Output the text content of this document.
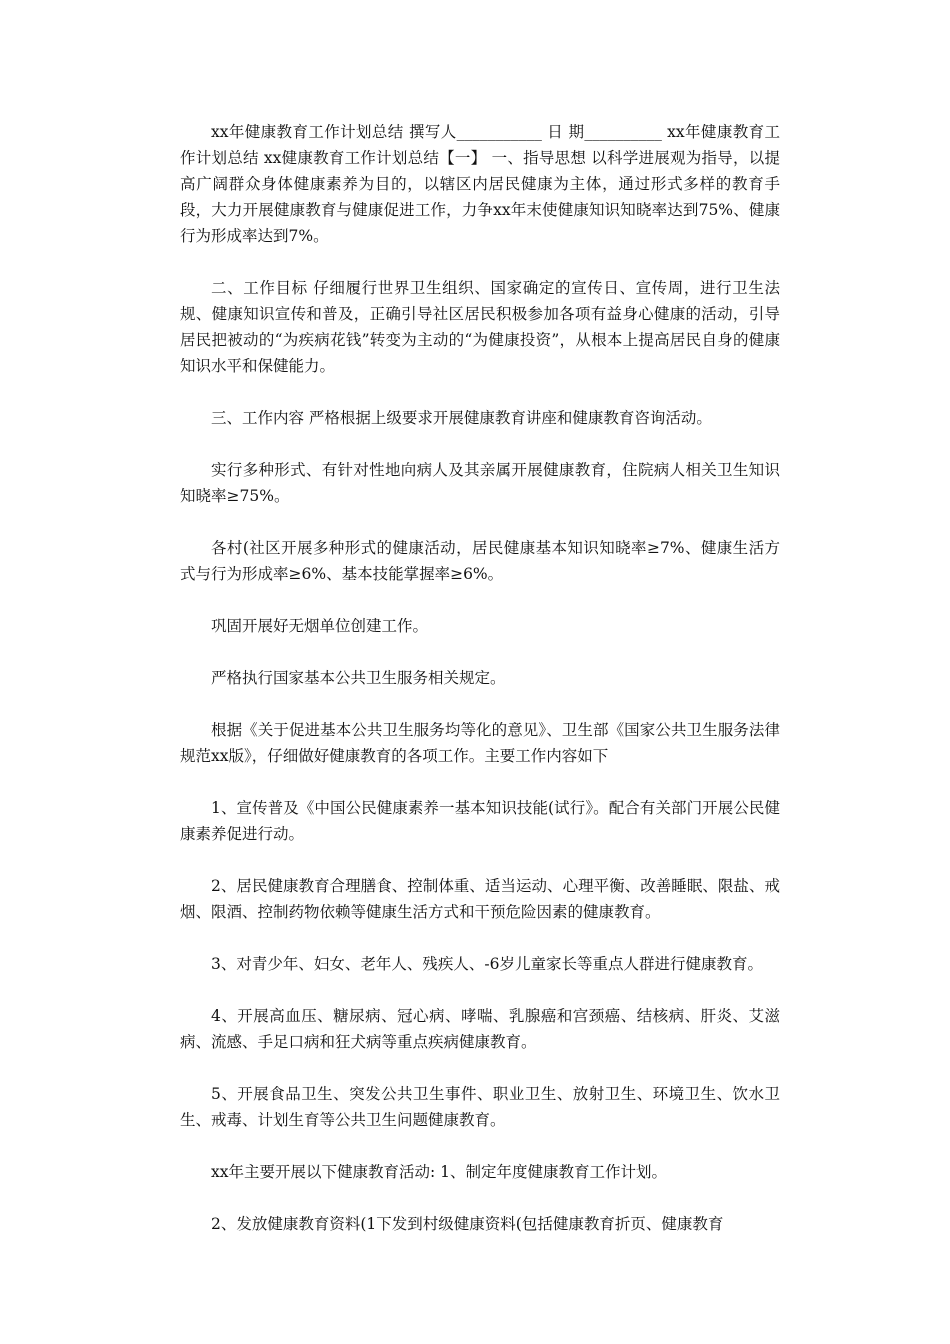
xx年健康教育工作计划总结 撰写人___________ 日 期__________ xx年健康教育工作计划总结 xx健康教育工作计划总结【一】 一、指导思想 以科学进展观为指导，以提高广阔群众身体健康素养为目的，以辖区内居民健康为主体，通过形式多样的教育手段，大力开展健康教育与健康促进工作，力争xx年末使健康知识知晓率达到75%、健康行为形成率达到7%。

二、工作目标 仔细履行世界卫生组织、国家确定的宣传日、宣传周，进行卫生法规、健康知识宣传和普及，正确引导社区居民积极参加各项有益身心健康的活动，引导居民把被动的“为疾病花钱”转变为主动的“为健康投资”，从根本上提高居民自身的健康知识水平和保健能力。

三、工作内容 严格根据上级要求开展健康教育讲座和健康教育咨询活动。

实行多种形式、有针对性地向病人及其亲属开展健康教育，住院病人相关卫生知识知晓率≥75%。

各村(社区开展多种形式的健康活动，居民健康基本知识知晓率≥7%、健康生活方式与行为形成率≥6%、基本技能掌握率≥6%。

巩固开展好无烟单位创建工作。

严格执行国家基本公共卫生服务相关规定。

根据《关于促进基本公共卫生服务均等化的意见》、卫生部《国家公共卫生服务法律规范xx版》，仔细做好健康教育的各项工作。主要工作内容如下

1、宣传普及《中国公民健康素养一基本知识技能(试行》。配合有关部门开展公民健康素养促进行动。

2、居民健康教育合理膳食、控制体重、适当运动、心理平衡、改善睡眠、限盐、戒烟、限酒、控制药物依赖等健康生活方式和干预危险因素的健康教育。

3、对青少年、妇女、老年人、残疾人、-6岁儿童家长等重点人群进行健康教育。

4、开展高血压、糖尿病、冠心病、哮喘、乳腺癌和宫颈癌、结核病、肝炎、艾滋病、流感、手足口病和狂犬病等重点疾病健康教育。

5、开展食品卫生、突发公共卫生事件、职业卫生、放射卫生、环境卫生、饮水卫生、戒毒、计划生育等公共卫生问题健康教育。

xx年主要开展以下健康教育活动: 1、制定年度健康教育工作计划。

2、发放健康教育资料(1下发到村级健康资料(包括健康教育折页、健康教育
